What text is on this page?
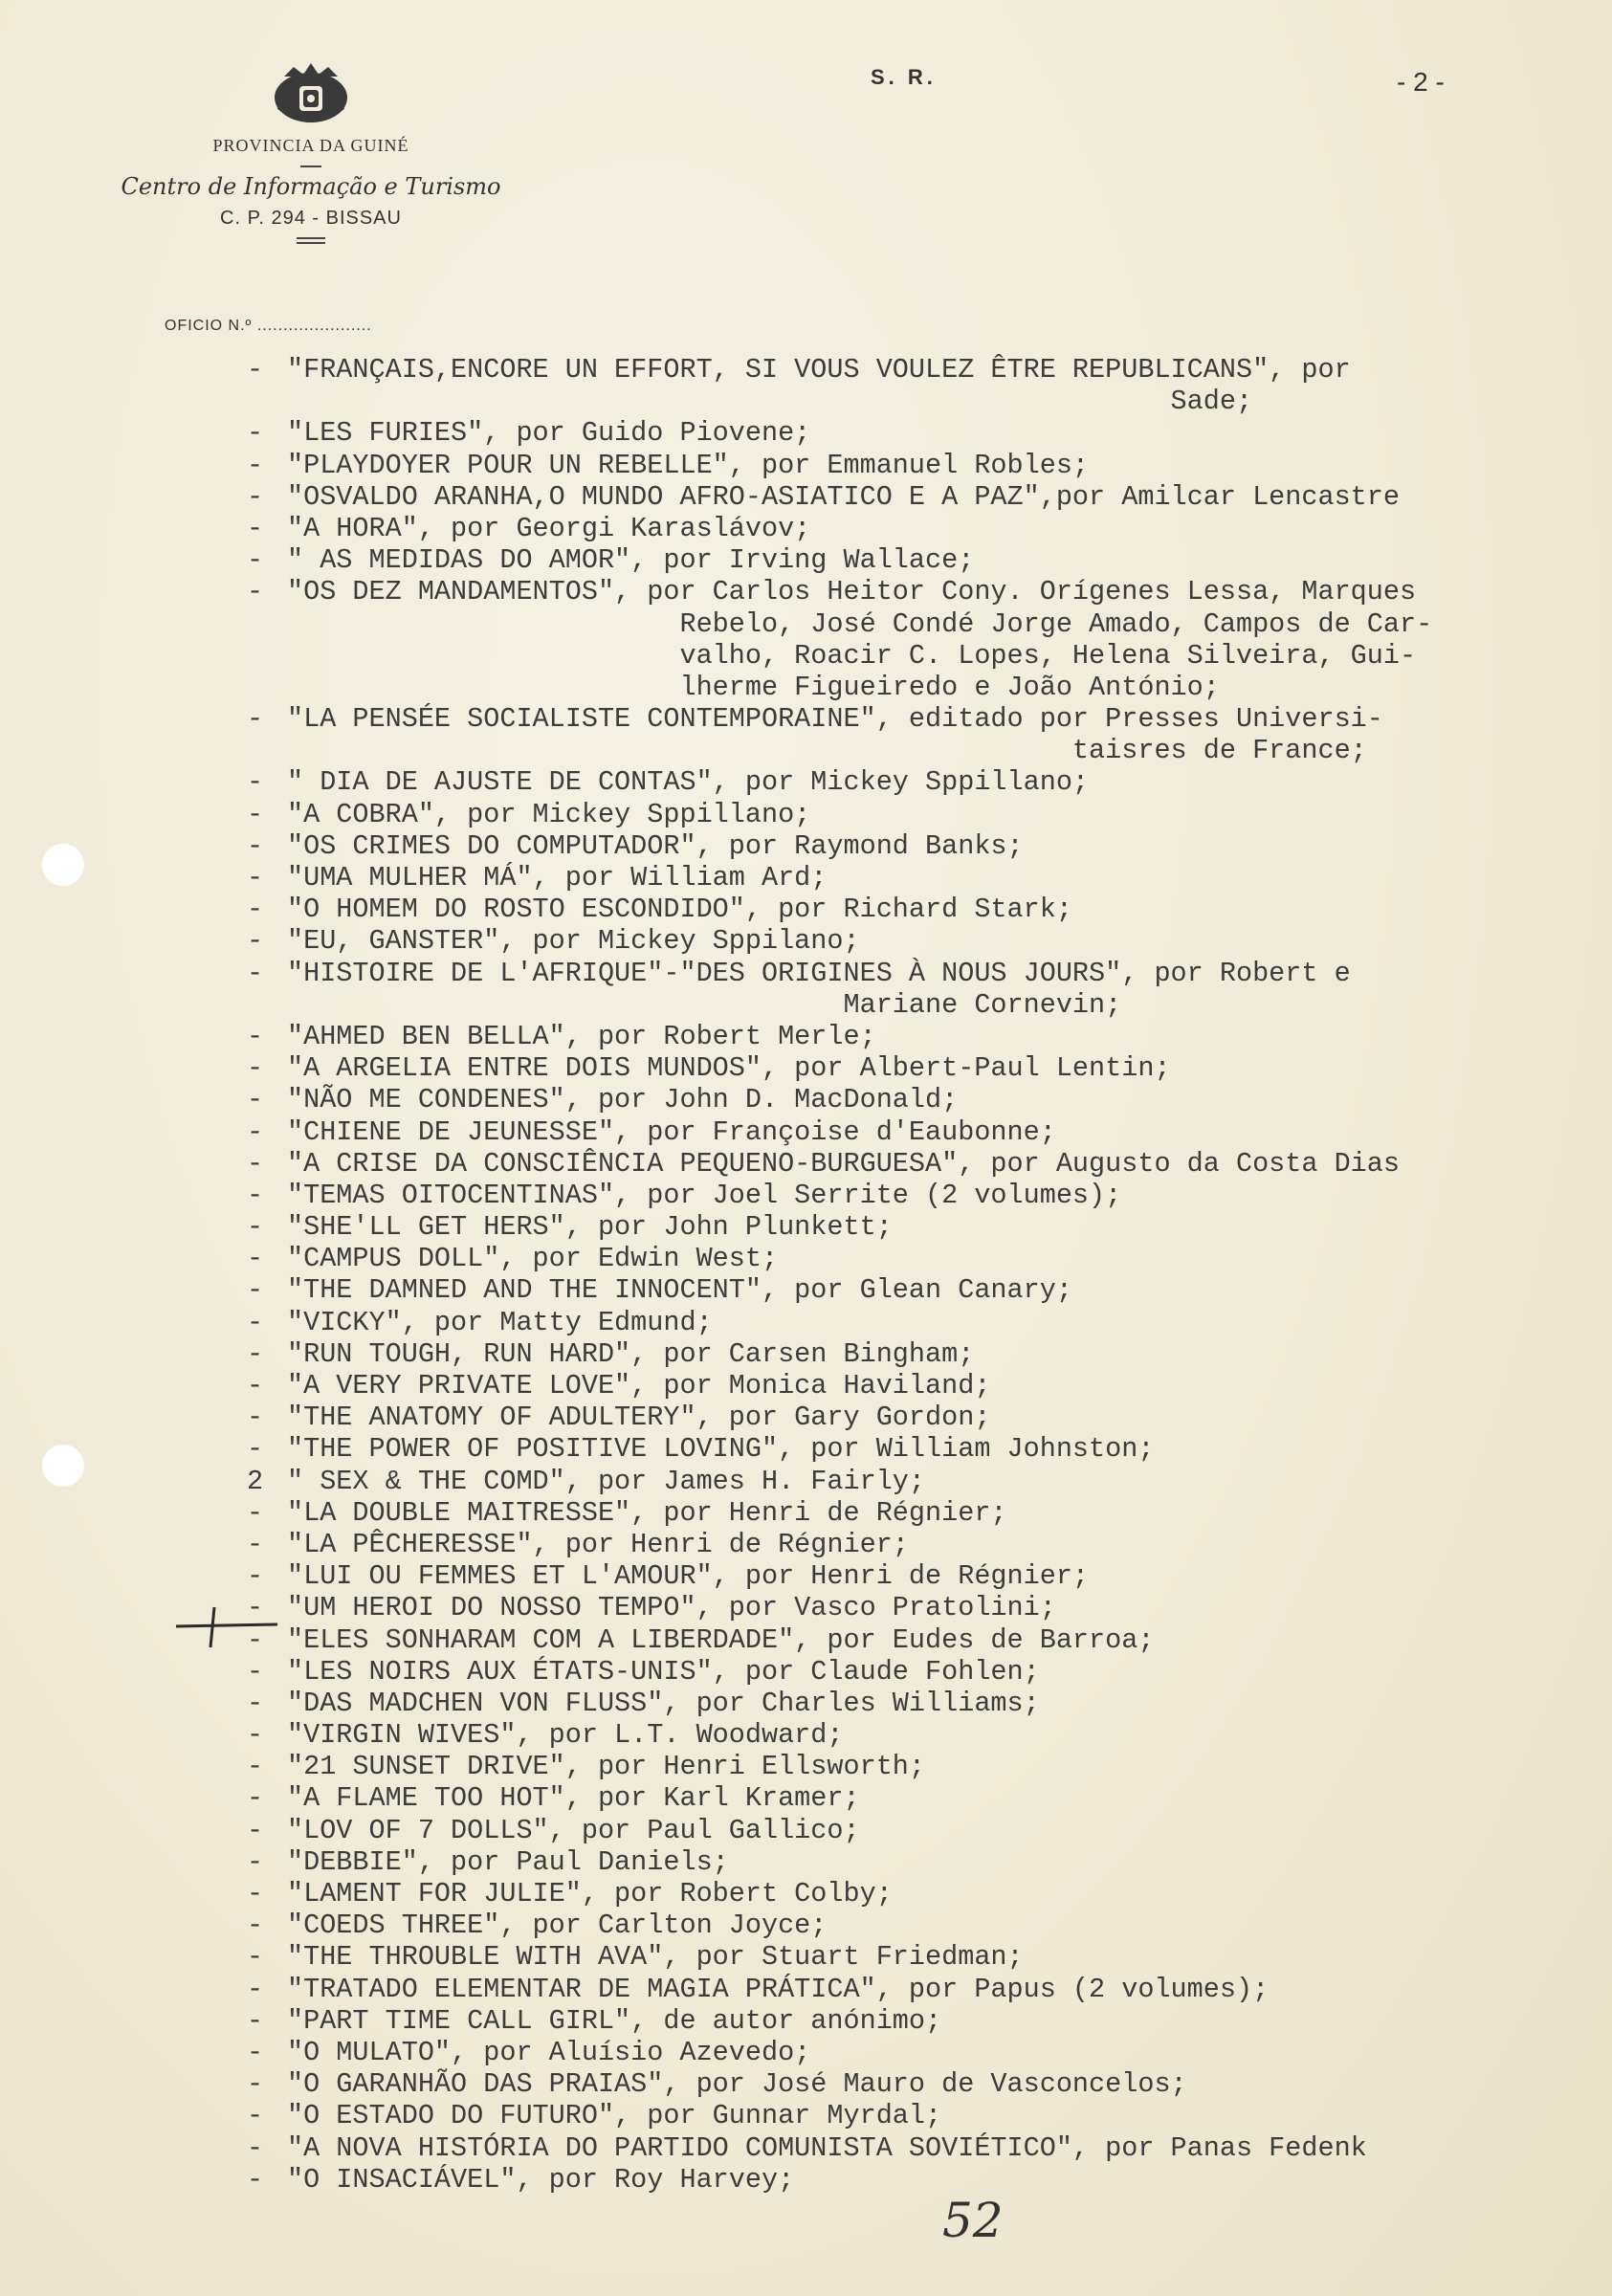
PROVINCIA DA GUINÉ
Centro de Informação e Turismo
C. P. 294 - BISSAU
S. R.	- 2 -
OFICIO N.º ......................
- "FRANÇAIS,ENCORE UN EFFORT, SI VOUS VOULEZ ÊTRE REPUBLICANS", por
Sade;
- "LES FURIES", por Guido Piovene;
- "PLAYDOYER POUR UN REBELLE", por Emmanuel Robles;
- "OSVALDO ARANHA,O MUNDO AFRO-ASIATICO E A PAZ",por Amilcar Lencastre
- "A HORA", por Georgi Karaslávov;
- " AS MEDIDAS DO AMOR", por Irving Wallace;
- "OS DEZ MANDAMENTOS", por Carlos Heitor Cony. Orígenes Lessa, Marques
Rebelo, José Condé Jorge Amado, Campos de Car-
valho, Roacir C. Lopes, Helena Silveira, Gui-
lherme Figueiredo e João António;
- "LA PENSÉE SOCIALISTE CONTEMPORAINE", editado por Presses Universi-
taisres de France;
- " DIA DE AJUSTE DE CONTAS", por Mickey Sppillano;
- "A COBRA", por Mickey Sppillano;
- "OS CRIMES DO COMPUTADOR", por Raymond Banks;
- "UMA MULHER MÁ", por William Ard;
- "O HOMEM DO ROSTO ESCONDIDO", por Richard Stark;
- "EU, GANSTER", por Mickey Sppilano;
- "HISTOIRE DE L'AFRIQUE"-"DES ORIGINES À NOUS JOURS", por Robert e
Mariane Cornevin;
- "AHMED BEN BELLA", por Robert Merle;
- "A ARGELIA ENTRE DOIS MUNDOS", por Albert-Paul Lentin;
- "NÃO ME CONDENES", por John D. MacDonald;
- "CHIENE DE JEUNESSE", por Françoise d'Eaubonne;
- "A CRISE DA CONSCIÊNCIA PEQUENO-BURGUESA", por Augusto da Costa Dias
- "TEMAS OITOCENTINAS", por Joel Serrite (2 volumes);
- "SHE'LL GET HERS", por John Plunkett;
- "CAMPUS DOLL", por Edwin West;
- "THE DAMNED AND THE INNOCENT", por Glean Canary;
- "VICKY", por Matty Edmund;
- "RUN TOUGH, RUN HARD", por Carsen Bingham;
- "A VERY PRIVATE LOVE", por Monica Haviland;
- "THE ANATOMY OF ADULTERY", por Gary Gordon;
- "THE POWER OF POSITIVE LOVING", por William Johnston;
2 " SEX & THE COMD", por James H. Fairly;
- "LA DOUBLE MAITRESSE", por Henri de Régnier;
- "LA PÊCHERESSE", por Henri de Régnier;
- "LUI OU FEMMES ET L'AMOUR", por Henri de Régnier;
- "UM HEROI DO NOSSO TEMPO", por Vasco Pratolini;
- "ELES SONHARAM COM A LIBERDADE", por Eudes de Barroa;
- "LES NOIRS AUX ÉTATS-UNIS", por Claude Fohlen;
- "DAS MADCHEN VON FLUSS", por Charles Williams;
- "VIRGIN WIVES", por L.T. Woodward;
- "21 SUNSET DRIVE", por Henri Ellsworth;
- "A FLAME TOO HOT", por Karl Kramer;
- "LOV OF 7 DOLLS", por Paul Gallico;
- "DEBBIE", por Paul Daniels;
- "LAMENT FOR JULIE", por Robert Colby;
- "COEDS THREE", por Carlton Joyce;
- "THE THROUBLE WITH AVA", por Stuart Friedman;
- "TRATADO ELEMENTAR DE MAGIA PRÁTICA", por Papus (2 volumes);
- "PART TIME CALL GIRL", de autor anónimo;
- "O MULATO", por Aluísio Azevedo;
- "O GARANHÃO DAS PRAIAS", por José Mauro de Vasconcelos;
- "O ESTADO DO FUTURO", por Gunnar Myrdal;
- "A NOVA HISTÓRIA DO PARTIDO COMUNISTA SOVIÉTICO", por Panas Fedenk
- "O INSACIÁVEL", por Roy Harvey;
52
